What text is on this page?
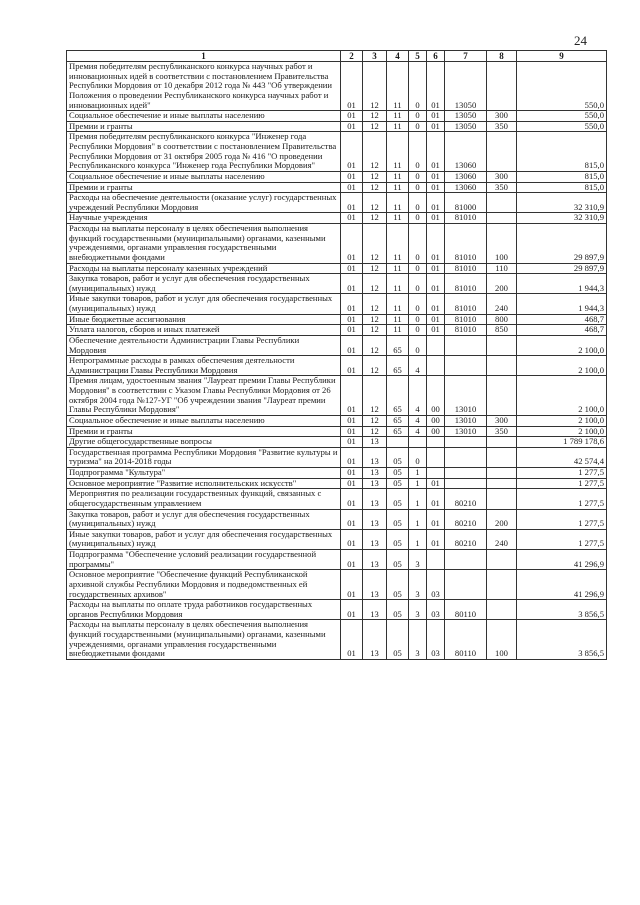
24
1	2	3	4	5	6	7	8	9
Премия победителям республиканского конкурса научных работ и инновационных идей в соответствии с постановлением Правительства Республики Мордовия от 10 декабря 2012 года № 443 "Об утверждении Положения о проведении Республиканского конкурса научных работ и инновационных идей"	01	12	11	0	01	13050		550,0
Социальное обеспечение и иные выплаты населению	01	12	11	0	01	13050	300	550,0
Премии и гранты	01	12	11	0	01	13050	350	550,0
Премия победителям республиканского конкурса "Инженер года Республики Мордовия" в соответствии с постановлением Правительства Республики Мордовия от 31 октября 2005 года № 416 "О проведении Республиканского конкурса "Инженер года Республики Мордовия"	01	12	11	0	01	13060		815,0
Социальное обеспечение и иные выплаты населению	01	12	11	0	01	13060	300	815,0
Премии и гранты	01	12	11	0	01	13060	350	815,0
Расходы на обеспечение деятельности (оказание услуг) государственных учреждений Республики Мордовия	01	12	11	0	01	81000		32 310,9
Научные учреждения	01	12	11	0	01	81010		32 310,9
Расходы на выплаты персоналу в целях обеспечения выполнения функций государственными (муниципальными) органами, казенными учреждениями, органами управления государственными внебюджетными фондами	01	12	11	0	01	81010	100	29 897,9
Расходы на выплаты персоналу казенных учреждений	01	12	11	0	01	81010	110	29 897,9
Закупка товаров, работ и услуг для обеспечения государственных (муниципальных) нужд	01	12	11	0	01	81010	200	1 944,3
Иные закупки товаров, работ и услуг для обеспечения государственных (муниципальных) нужд	01	12	11	0	01	81010	240	1 944,3
Иные бюджетные ассигнования	01	12	11	0	01	81010	800	468,7
Уплата налогов, сборов и иных платежей	01	12	11	0	01	81010	850	468,7
Обеспечение деятельности Администрации Главы Республики Мордовия	01	12	65	0				2 100,0
Непрограммные расходы в рамках обеспечения деятельности Администрации Главы Республики Мордовия	01	12	65	4				2 100,0
Премия лицам, удостоенным звания "Лауреат премии Главы Республики Мордовия" в соответствии с Указом Главы Республики Мордовия от 26 октября 2004 года №127-УГ "Об учреждении звания "Лауреат премии Главы Республики Мордовия"	01	12	65	4	00	13010		2 100,0
Социальное обеспечение и иные выплаты населению	01	12	65	4	00	13010	300	2 100,0
Премии и гранты	01	12	65	4	00	13010	350	2 100,0
Другие общегосударственные вопросы	01	13						1 789 178,6
Государственная программа Республики Мордовия "Развитие культуры и туризма" на 2014-2018 годы	01	13	05	0				42 574,4
Подпрограмма "Культура"	01	13	05	1				1 277,5
Основное мероприятие "Развитие исполнительских искусств"	01	13	05	1	01			1 277,5
Мероприятия по реализации государственных функций, связанных с общегосударственным управлением	01	13	05	1	01	80210		1 277,5
Закупка товаров, работ и услуг для обеспечения государственных (муниципальных) нужд	01	13	05	1	01	80210	200	1 277,5
Иные закупки товаров, работ и услуг для обеспечения государственных (муниципальных) нужд	01	13	05	1	01	80210	240	1 277,5
Подпрограмма "Обеспечение условий реализации государственной программы"	01	13	05	3				41 296,9
Основное мероприятие "Обеспечение функций Республиканской архивной службы Республики Мордовия и подведомственных ей государственных архивов"	01	13	05	3	03			41 296,9
Расходы на выплаты по оплате труда работников государственных органов Республики Мордовия	01	13	05	3	03	80110		3 856,5
Расходы на выплаты персоналу в целях обеспечения выполнения функций государственными (муниципальными) органами, казенными учреждениями, органами управления государственными внебюджетными фондами	01	13	05	3	03	80110	100	3 856,5
